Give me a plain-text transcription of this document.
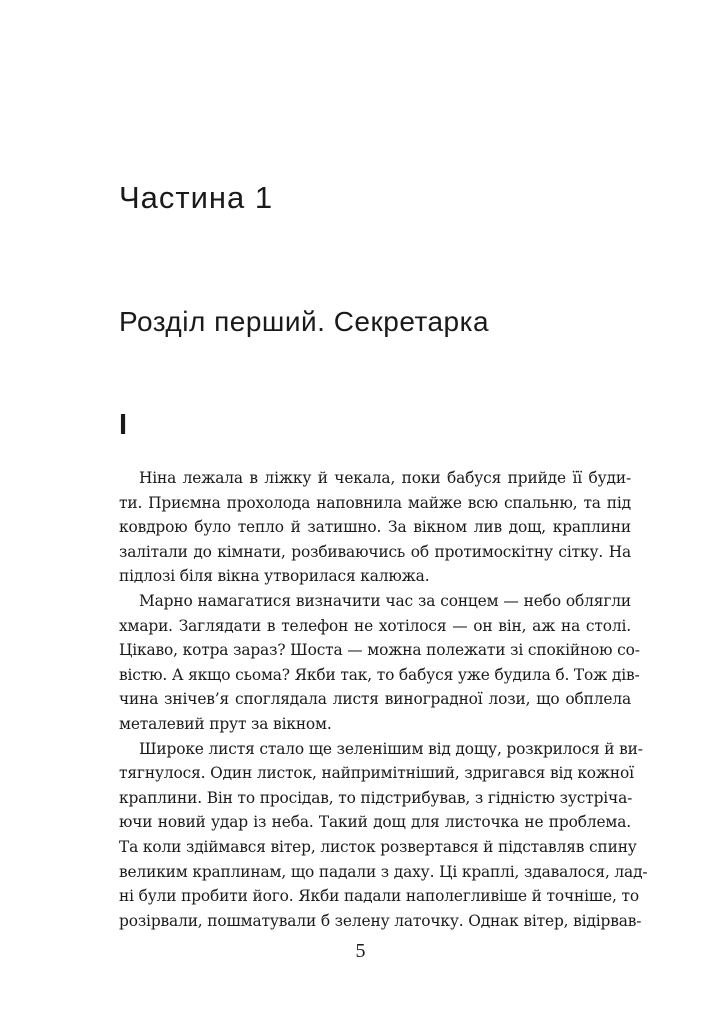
Частина 1
Розділ перший. Секретарка
І

Ніна лежала в ліжку й чекала, поки бабуся прийде її буди-
ти. Приємна прохолода наповнила майже всю спальню, та під
ковдрою було тепло й затишно. За вікном лив дощ, краплини
залітали до кімнати, розбиваючись об протимоскітну сітку. На
підлозі біля вікна утворилася калюжа.

Марно намагатися визначити час за сонцем — небо облягли
хмари. Заглядати в телефон не хотілося — он він, аж на столі.
Цікаво, котра зараз? Шоста — можна полежати зі спокійною со-
вістю. А якщо сьома? Якби так, то бабуся уже будила б. Тож дів-
чина знічев’я споглядала листя виноградної лози, що обплела
металевий прут за вікном.

Широке листя стало ще зеленішим від дощу, розкрилося й ви-
тягнулося. Один листок, найпримітніший, здригався від кожної
краплини. Він то просідав, то підстрибував, з гідністю зустріча-
ючи новий удар із неба. Такий дощ для листочка не проблема.
Та коли здіймався вітер, листок розвертався й підставляв спину
великим краплинам, що падали з даху. Ці краплі, здавалося, лад-
ні були пробити його. Якби падали наполегливіше й точніше, то
розірвали, пошматували б зелену латочку. Однак вітер, відірвав-

5
